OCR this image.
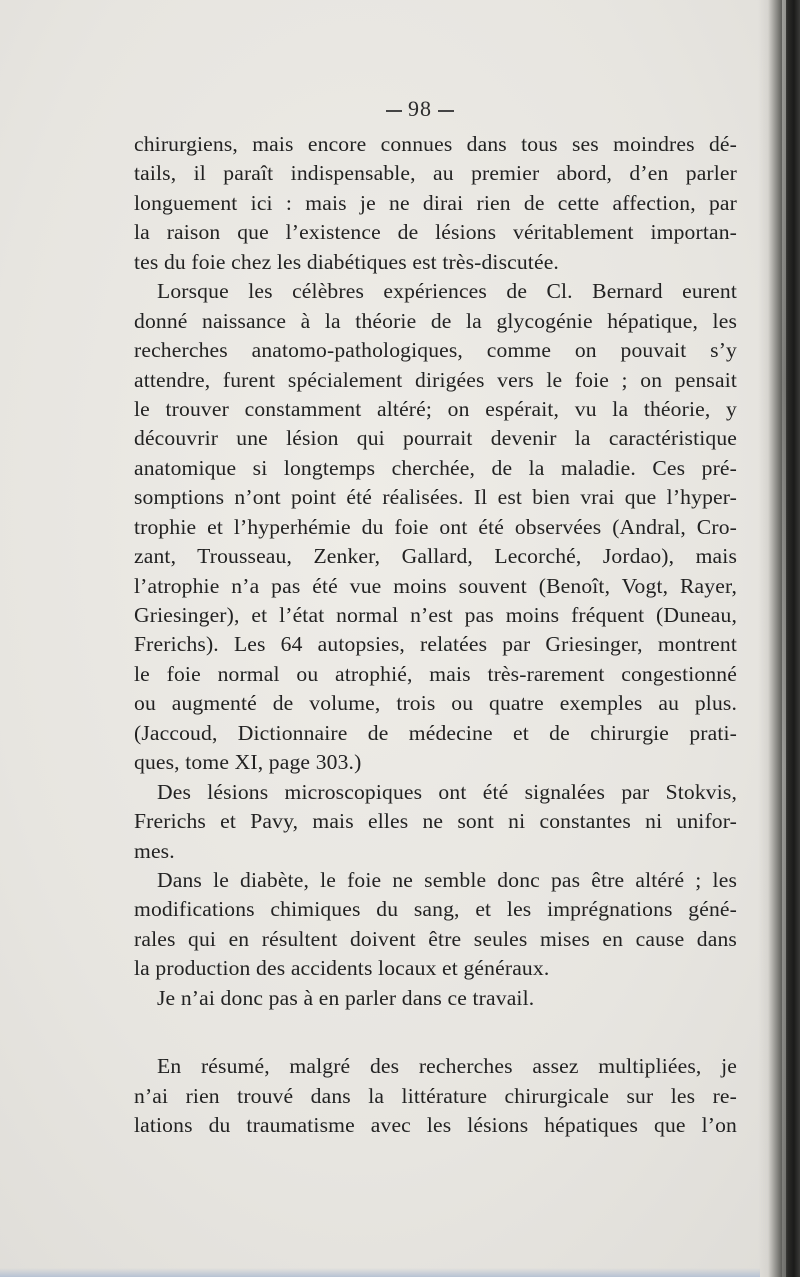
98
chirurgiens, mais encore connues dans tous ses moindres dé-
tails, il paraît indispensable, au premier abord, d’en parler
longuement ici : mais je ne dirai rien de cette affection, par
la raison que l’existence de lésions véritablement importan-
tes du foie chez les diabétiques est très-discutée.
Lorsque les célèbres expériences de Cl. Bernard eurent
donné naissance à la théorie de la glycogénie hépatique, les
recherches anatomo-pathologiques, comme on pouvait s’y
attendre, furent spécialement dirigées vers le foie ; on pensait
le trouver constamment altéré; on espérait, vu la théorie, y
découvrir une lésion qui pourrait devenir la caractéristique
anatomique si longtemps cherchée, de la maladie. Ces pré-
somptions n’ont point été réalisées. Il est bien vrai que l’hyper-
trophie et l’hyperhémie du foie ont été observées (Andral, Cro-
zant, Trousseau, Zenker, Gallard, Lecorché, Jordao), mais
l’atrophie n’a pas été vue moins souvent (Benoît, Vogt, Rayer,
Griesinger), et l’état normal n’est pas moins fréquent (Duneau,
Frerichs). Les 64 autopsies, relatées par Griesinger, montrent
le foie normal ou atrophié, mais très-rarement congestionné
ou augmenté de volume, trois ou quatre exemples au plus.
(Jaccoud, Dictionnaire de médecine et de chirurgie prati-
ques, tome XI, page 303.)
Des lésions microscopiques ont été signalées par Stokvis,
Frerichs et Pavy, mais elles ne sont ni constantes ni unifor-
mes.
Dans le diabète, le foie ne semble donc pas être altéré ; les
modifications chimiques du sang, et les imprégnations géné-
rales qui en résultent doivent être seules mises en cause dans
la production des accidents locaux et généraux.
Je n’ai donc pas à en parler dans ce travail.
En résumé, malgré des recherches assez multipliées, je
n’ai rien trouvé dans la littérature chirurgicale sur les re-
lations du traumatisme avec les lésions hépatiques que l’on
